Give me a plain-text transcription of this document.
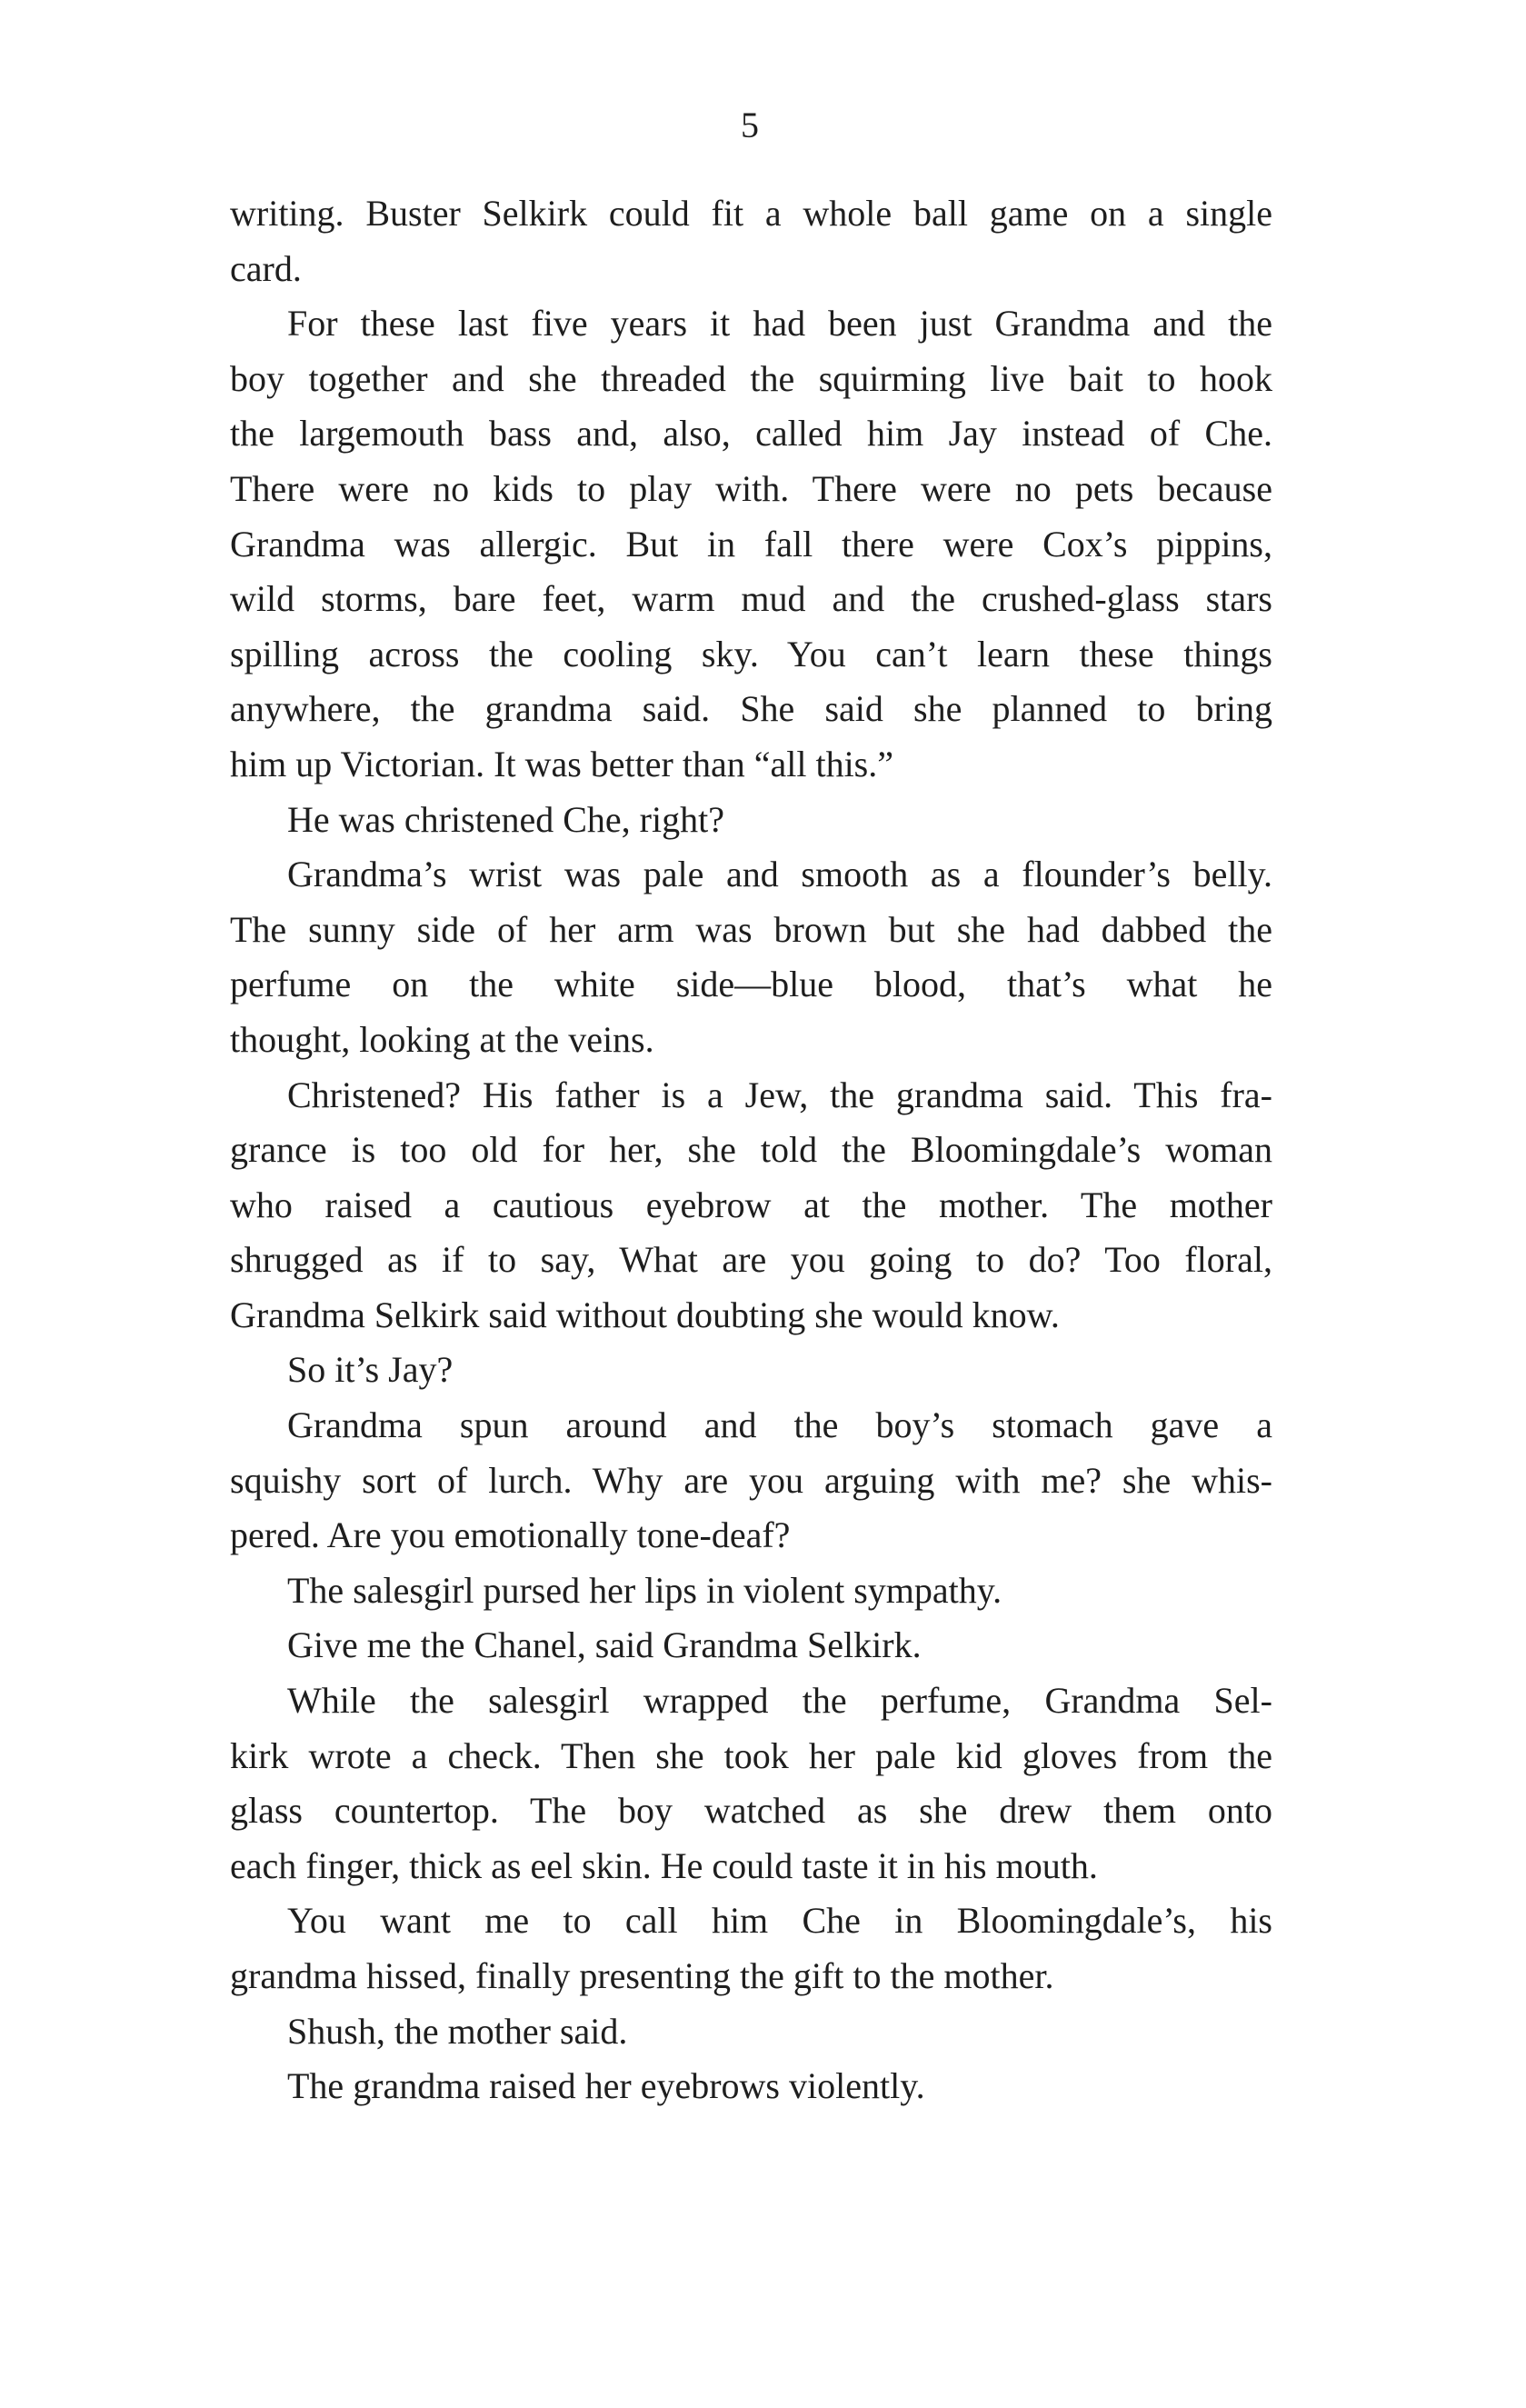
5
writing. Buster Selkirk could fit a whole ball game on a single
card.
For these last five years it had been just Grandma and the
boy together and she threaded the squirming live bait to hook
the largemouth bass and, also, called him Jay instead of Che.
There were no kids to play with. There were no pets because
Grandma was allergic. But in fall there were Cox’s pippins,
wild storms, bare feet, warm mud and the crushed-glass stars
spilling across the cooling sky. You can’t learn these things
anywhere, the grandma said. She said she planned to bring
him up Victorian. It was better than “all this.”
He was christened Che, right?
Grandma’s wrist was pale and smooth as a flounder’s belly.
The sunny side of her arm was brown but she had dabbed the
perfume on the white side—blue blood, that’s what he
thought, looking at the veins.
Christened? His father is a Jew, the grandma said. This fra-
grance is too old for her, she told the Bloomingdale’s woman
who raised a cautious eyebrow at the mother. The mother
shrugged as if to say, What are you going to do? Too floral,
Grandma Selkirk said without doubting she would know.
So it’s Jay?
Grandma spun around and the boy’s stomach gave a
squishy sort of lurch. Why are you arguing with me? she whis-
pered. Are you emotionally tone-deaf?
The salesgirl pursed her lips in violent sympathy.
Give me the Chanel, said Grandma Selkirk.
While the salesgirl wrapped the perfume, Grandma Sel-
kirk wrote a check. Then she took her pale kid gloves from the
glass countertop. The boy watched as she drew them onto
each finger, thick as eel skin. He could taste it in his mouth.
You want me to call him Che in Bloomingdale’s, his
grandma hissed, finally presenting the gift to the mother.
Shush, the mother said.
The grandma raised her eyebrows violently.
